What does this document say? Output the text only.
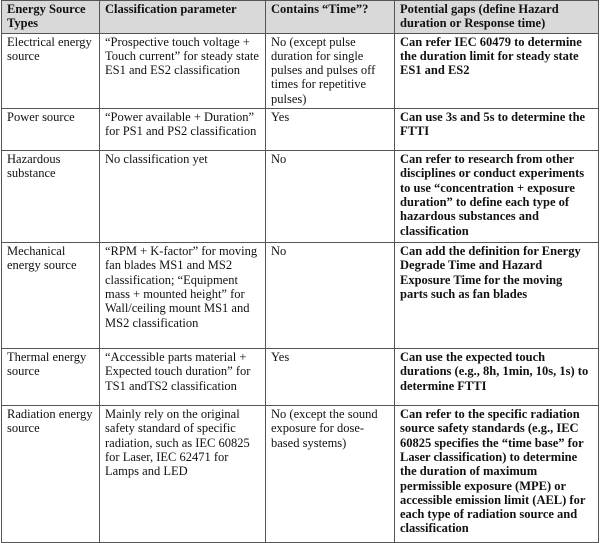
Energy Source Types	Classification parameter	Contains “Time”?	Potential gaps (define Hazard duration or Response time)
Electrical energy source	“Prospective touch voltage + Touch current” for steady state ES1 and ES2 classification	No (except pulse duration for single pulses and pulses off times for repetitive pulses)	Can refer IEC 60479 to determine the duration limit for steady state ES1 and ES2
Power source	“Power available + Duration” for PS1 and PS2 classification	Yes	Can use 3s and 5s to determine the FTTI
Hazardous substance	No classification yet	No	Can refer to research from other disciplines or conduct experiments to use “concentration + exposure duration” to define each type of hazardous substances and classification
Mechanical energy source	“RPM + K-factor” for moving fan blades MS1 and MS2 classification; “Equipment mass + mounted height” for Wall/ceiling mount MS1 and MS2 classification	No	Can add the definition for Energy Degrade Time and Hazard Exposure Time for the moving parts such as fan blades
Thermal energy source	“Accessible parts material + Expected touch duration” for TS1 andTS2 classification	Yes	Can use the expected touch durations (e.g., 8h, 1min, 10s, 1s) to determine FTTI
Radiation energy source	Mainly rely on the original safety standard of specific radiation, such as IEC 60825 for Laser, IEC 62471 for Lamps and LED	No (except the sound exposure for dose-based systems)	Can refer to the specific radiation source safety standards (e.g., IEC 60825 specifies the “time base” for Laser classification) to determine the duration of maximum permissible exposure (MPE) or accessible emission limit (AEL) for each type of radiation source and classification
